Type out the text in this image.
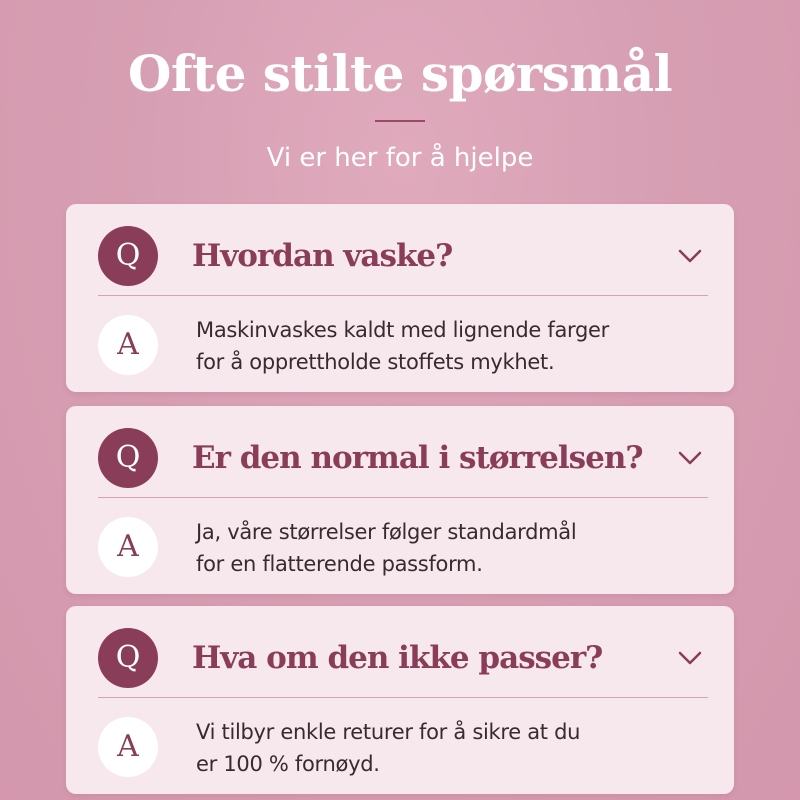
Ofte stilte spørsmål
Vi er her for å hjelpe
Q	Hvordan vaske?
A	Maskinvaskes kaldt med lignende farger
for å opprettholde stoffets mykhet.
Q	Er den normal i størrelsen?
A	Ja, våre størrelser følger standardmål
for en flatterende passform.
Q	Hva om den ikke passer?
A	Vi tilbyr enkle returer for å sikre at du
er 100 % fornøyd.
